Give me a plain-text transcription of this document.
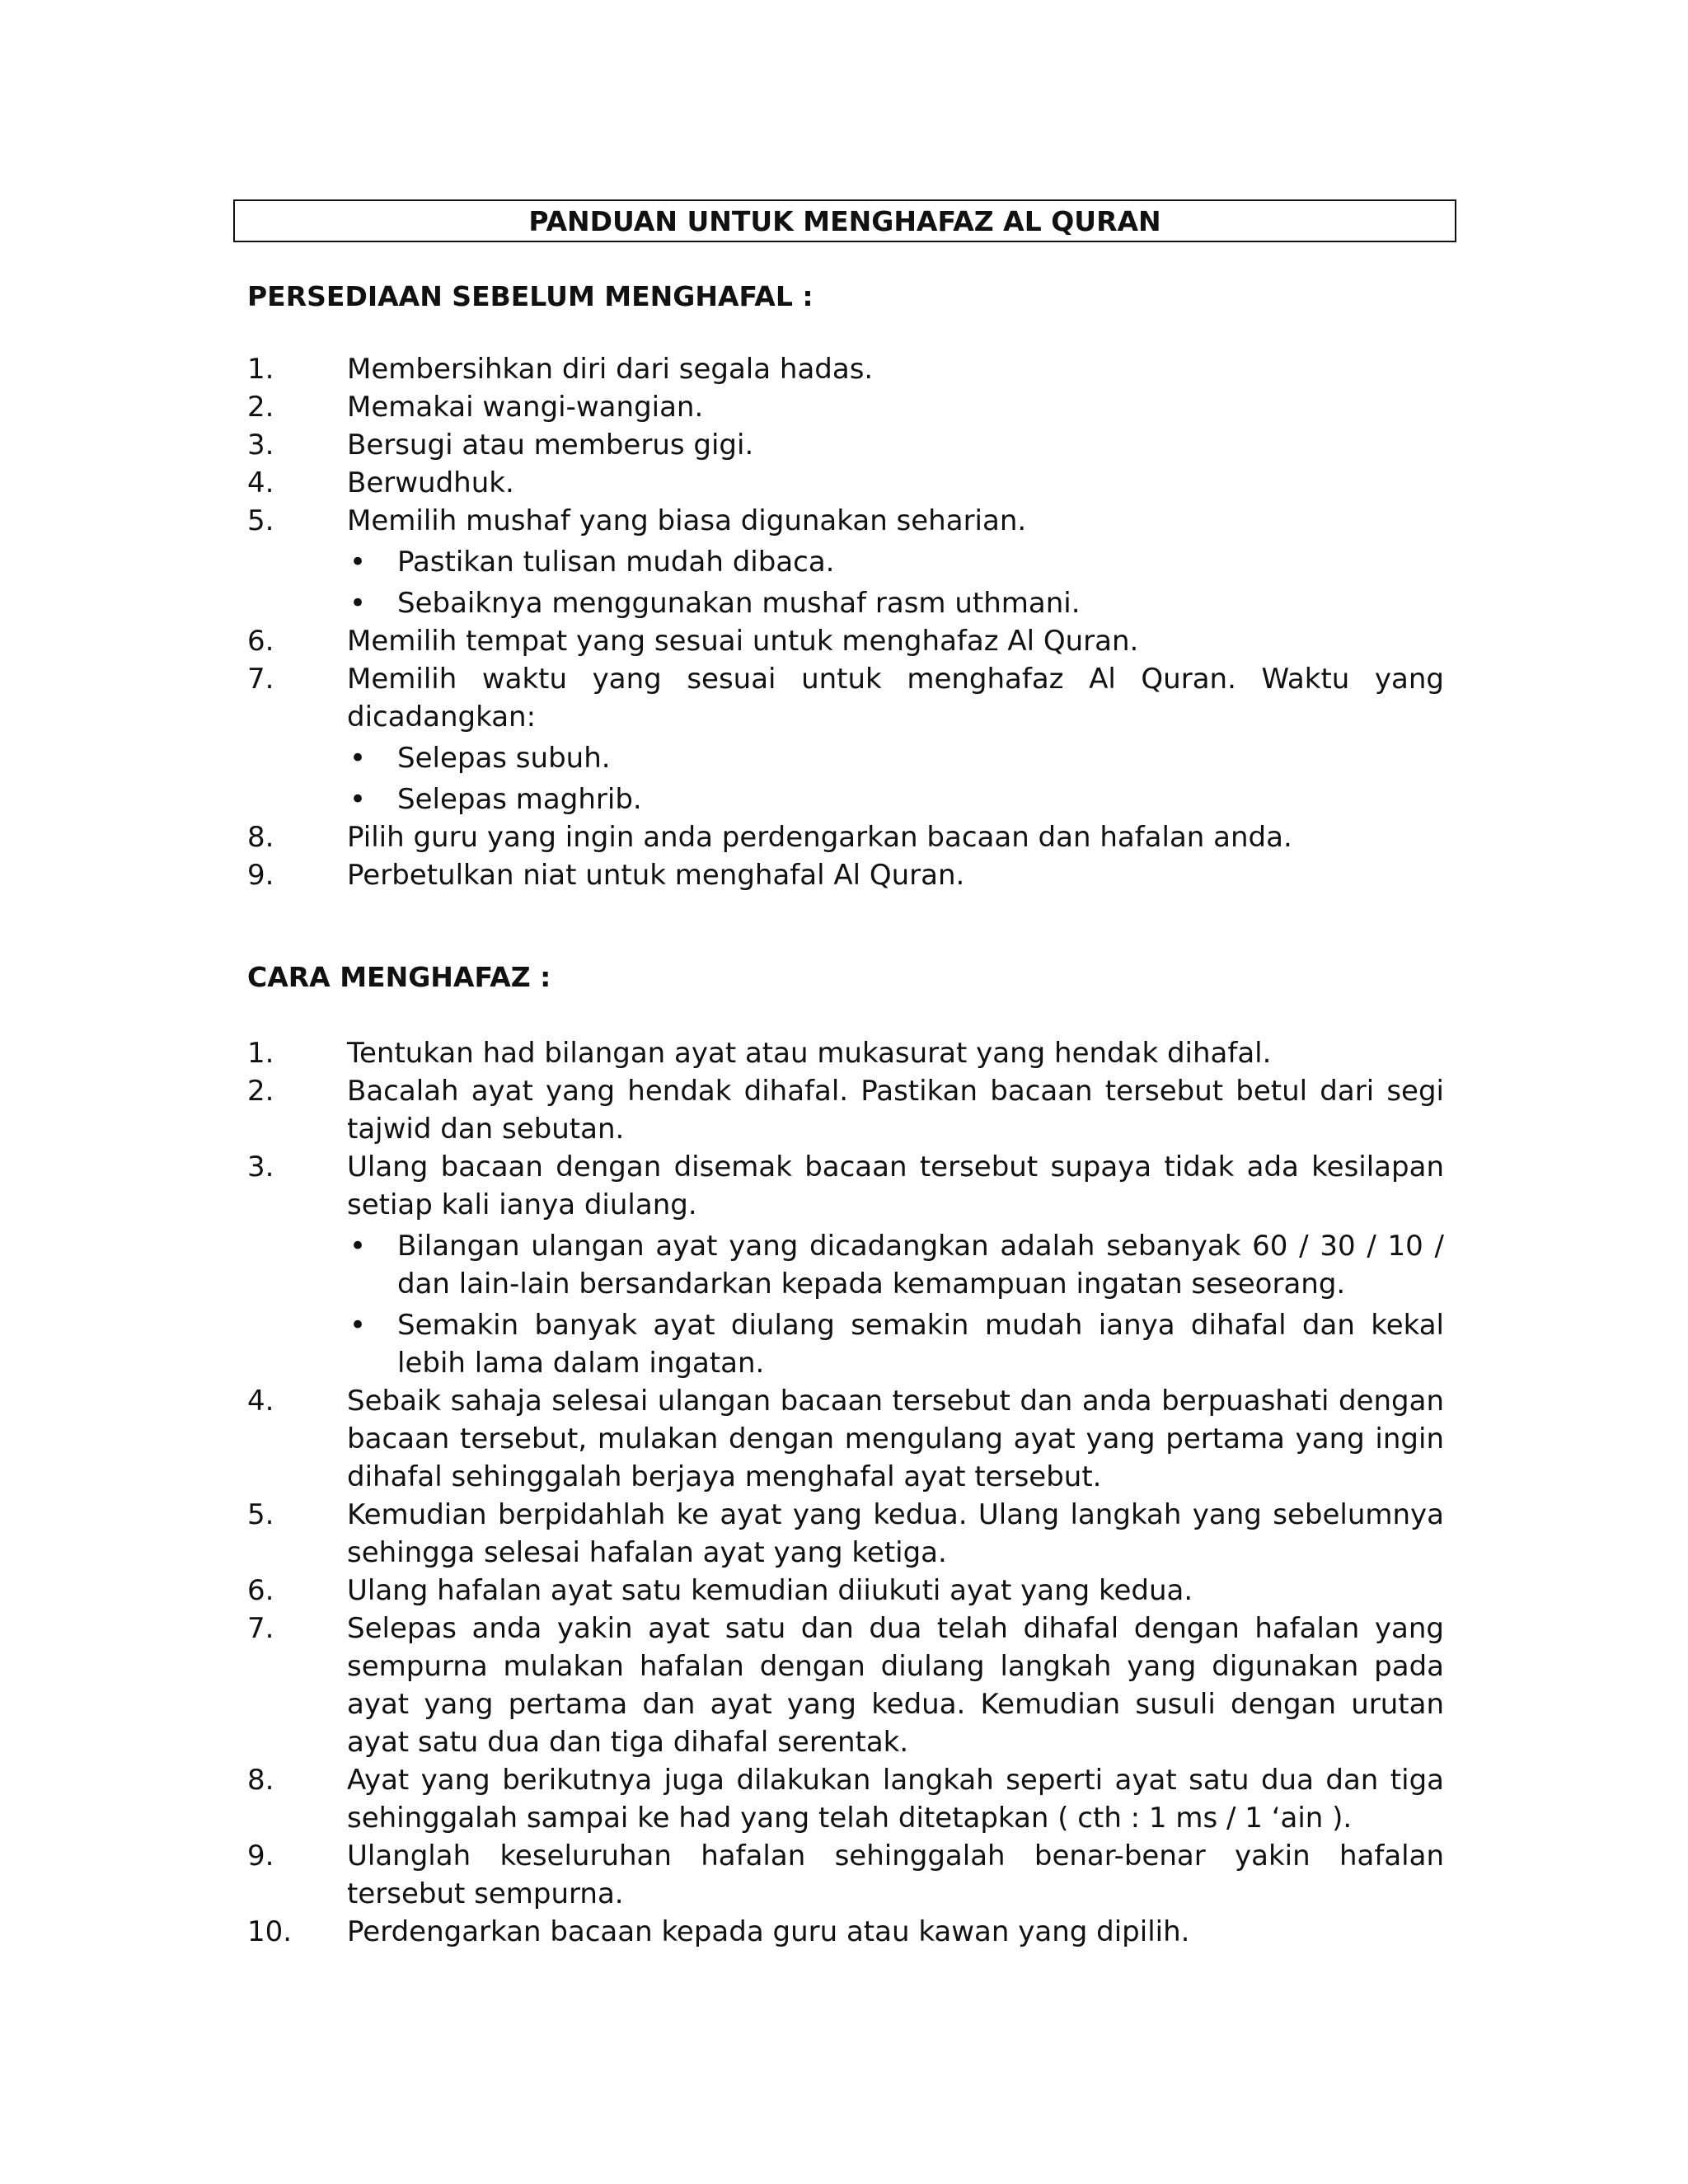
PANDUAN UNTUK MENGHAFAZ AL QURAN
PERSEDIAAN SEBELUM MENGHAFAL :
1.	Membersihkan diri dari segala hadas.
2.	Memakai wangi-wangian.
3.	Bersugi atau memberus gigi.
4.	Berwudhuk.
5.	Memilih mushaf yang biasa digunakan seharian.
• Pastikan tulisan mudah dibaca.
• Sebaiknya menggunakan mushaf rasm uthmani.
6.	Memilih tempat yang sesuai untuk menghafaz Al Quran.
7.	Memilih waktu yang sesuai untuk menghafaz Al Quran. Waktu yang dicadangkan:
• Selepas subuh.
• Selepas maghrib.
8.	Pilih guru yang ingin anda perdengarkan bacaan dan hafalan anda.
9.	Perbetulkan niat untuk menghafal Al Quran.
CARA MENGHAFAZ :
1.	Tentukan had bilangan ayat atau mukasurat yang hendak dihafal.
2.	Bacalah ayat yang hendak dihafal. Pastikan bacaan tersebut betul dari segi tajwid dan sebutan.
3.	Ulang bacaan dengan disemak bacaan tersebut supaya tidak ada kesilapan setiap kali ianya diulang.
• Bilangan ulangan ayat yang dicadangkan adalah sebanyak 60 / 30 / 10 / dan lain-lain bersandarkan kepada kemampuan ingatan seseorang.
• Semakin banyak ayat diulang semakin mudah ianya dihafal dan kekal lebih lama dalam ingatan.
4.	Sebaik sahaja selesai ulangan bacaan tersebut dan anda berpuashati dengan bacaan tersebut, mulakan dengan mengulang ayat yang pertama yang ingin dihafal sehinggalah berjaya menghafal ayat tersebut.
5.	Kemudian berpidahlah ke ayat yang kedua. Ulang langkah yang sebelumnya sehingga selesai hafalan ayat yang ketiga.
6.	Ulang hafalan ayat satu kemudian diiukuti ayat yang kedua.
7.	Selepas anda yakin ayat satu dan dua telah dihafal dengan hafalan yang sempurna mulakan hafalan dengan diulang langkah yang digunakan pada ayat yang pertama dan ayat yang kedua. Kemudian susuli dengan urutan ayat satu dua dan tiga dihafal serentak.
8.	Ayat yang berikutnya juga dilakukan langkah seperti ayat satu dua dan tiga sehinggalah sampai ke had yang telah ditetapkan ( cth : 1 ms / 1 ‘ain ).
9.	Ulanglah keseluruhan hafalan sehinggalah benar-benar yakin hafalan tersebut sempurna.
10.	Perdengarkan bacaan kepada guru atau kawan yang dipilih.
